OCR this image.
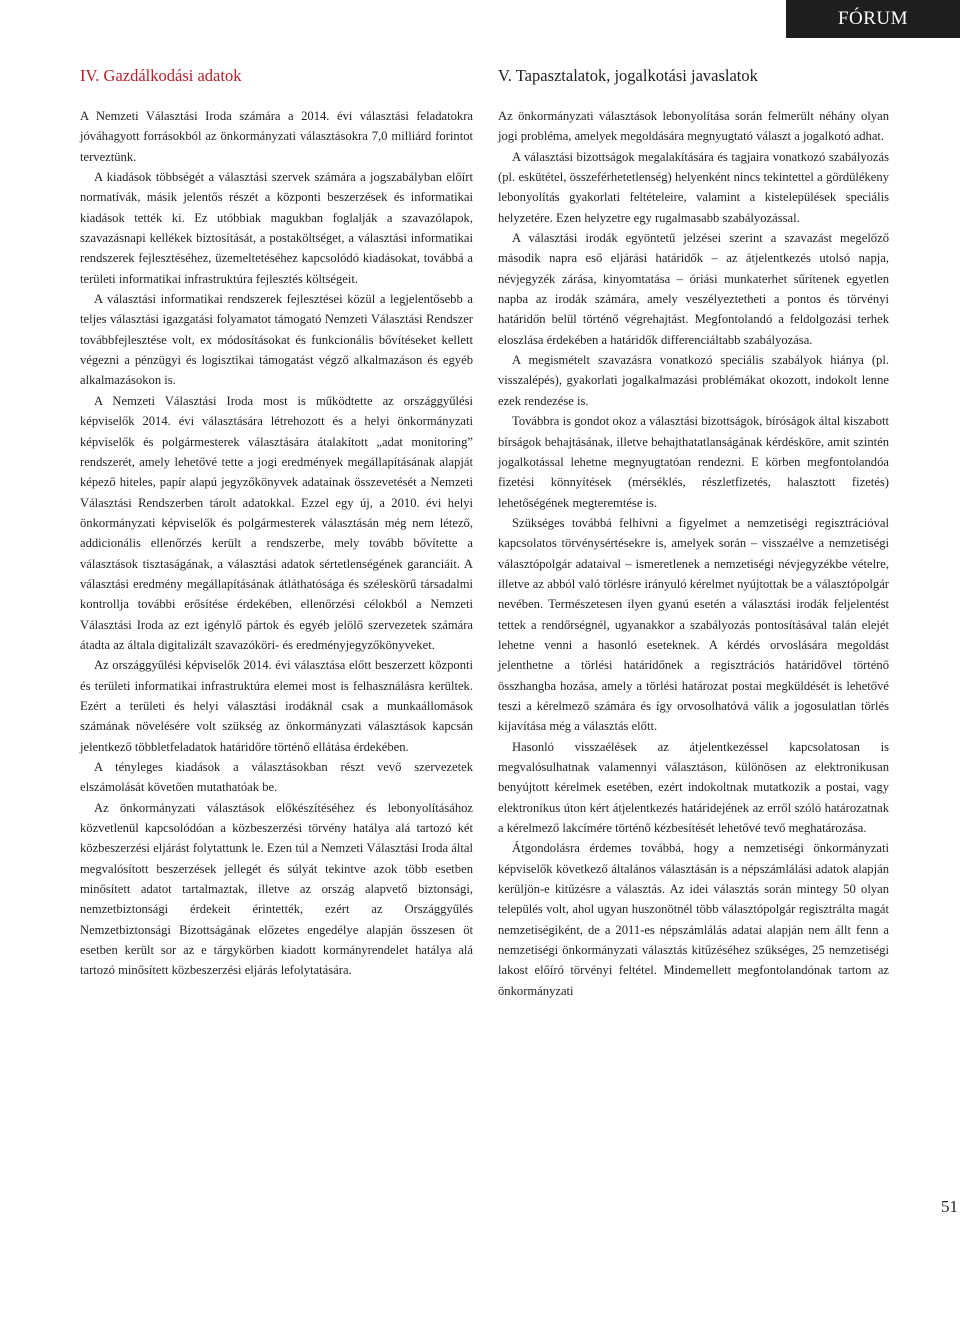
FÓRUM
IV. Gazdálkodási adatok

A Nemzeti Választási Iroda számára a 2014. évi választási feladatokra jóváhagyott forrásokból az önkormányzati választásokra 7,0 milliárd forintot terveztünk.

A kiadások többségét a választási szervek számára a jogszabályban előírt normatívák, másik jelentős részét a központi beszerzések és informatikai kiadások tették ki. Ez utóbbiak magukban foglalják a szavazólapok, szavazásnapi kellékek biztosítását, a postaköltséget, a választási informatikai rendszerek fejlesztéséhez, üzemeltetéséhez kapcsolódó kiadásokat, továbbá a területi informatikai infrastruktúra fejlesztés költségeit.

A választási informatikai rendszerek fejlesztései közül a legjelentősebb a teljes választási igazgatási folyamatot támogató Nemzeti Választási Rendszer továbbfejlesztése volt, ex módosításokat és funkcionális bővítéseket kellett végezni a pénzügyi és logisztikai támogatást végző alkalmazáson és egyéb alkalmazásokon is.

A Nemzeti Választási Iroda most is működtette az országgyűlési képviselők 2014. évi választására létrehozott és a helyi önkormányzati képviselők és polgármesterek választására átalakított „adat monitoring” rendszerét, amely lehetővé tette a jogi eredmények megállapításának alapját képező hiteles, papír alapú jegyzőkönyvek adatainak összevetését a Nemzeti Választási Rendszerben tárolt adatokkal. Ezzel egy új, a 2010. évi helyi önkormányzati képviselők és polgármesterek választásán még nem létező, addicionális ellenőrzés került a rendszerbe, mely tovább bővítette a választások tisztaságának, a választási adatok sértetlenségének garanciáit. A választási eredmény megállapításának átláthatósága és széleskörű társadalmi kontrollja további erősítése érdekében, ellenőrzési célokból a Nemzeti Választási Iroda az ezt igénylő pártok és egyéb jelölő szervezetek számára átadta az általa digitalizált szavazóköri- és eredményjegyzőkönyveket.

Az országgyűlési képviselők 2014. évi választása előtt beszerzett központi és területi informatikai infrastruktúra elemei most is felhasználásra kerültek. Ezért a területi és helyi választási irodáknál csak a munkaállomások számának növelésére volt szükség az önkormányzati választások kapcsán jelentkező többletfeladatok határidőre történő ellátása érdekében.

A tényleges kiadások a választásokban részt vevő szervezetek elszámolását követően mutathatóak be.

Az önkormányzati választások előkészítéséhez és lebonyolításához közvetlenül kapcsolódóan a közbeszerzési törvény hatálya alá tartozó két közbeszerzési eljárást folytattunk le. Ezen túl a Nemzeti Választási Iroda által megvalósított beszerzések jellegét és súlyát tekintve azok több esetben minősített adatot tartalmaztak, illetve az ország alapvető biztonsági, nemzetbiztonsági érdekeit érintették, ezért az Országgyűlés Nemzetbiztonsági Bizottságának előzetes engedélye alapján összesen öt esetben került sor az e tárgykörben kiadott kormányrendelet hatálya alá tartozó minősített közbeszerzési eljárás lefolytatására.

V. Tapasztalatok, jogalkotási javaslatok

Az önkormányzati választások lebonyolítása során felmerült néhány olyan jogi probléma, amelyek megoldására megnyugtató választ a jogalkotó adhat.

A választási bizottságok megalakítására és tagjaira vonatkozó szabályozás (pl. eskütétel, összeférhetetlenség) helyenként nincs tekintettel a gördülékeny lebonyolítás gyakorlati feltételeire, valamint a kistelepülések speciális helyzetére. Ezen helyzetre egy rugalmasabb szabályozással.

A választási irodák egyöntetű jelzései szerint a szavazást megelőző második napra eső eljárási határidők – az átjelentkezés utolsó napja, névjegyzék zárása, kinyomtatása – óriási munkaterhet sűrítenek egyetlen napba az irodák számára, amely veszélyeztetheti a pontos és törvényi határidőn belül történő végrehajtást. Megfontolandó a feldolgozási terhek eloszlása érdekében a határidők differenciáltabb szabályozása.

A megismételt szavazásra vonatkozó speciális szabályok hiánya (pl. visszalépés), gyakorlati jogalkalmazási problémákat okozott, indokolt lenne ezek rendezése is.

Továbbra is gondot okoz a választási bizottságok, bíróságok által kiszabott bírságok behajtásának, illetve behajthatatlanságának kérdésköre, amit szintén jogalkotással lehetne megnyugtatóan rendezni. E körben megfontolandóa fizetési könnyítések (mérséklés, részletfizetés, halasztott fizetés) lehetőségének megteremtése is.

Szükséges továbbá felhívni a figyelmet a nemzetiségi regisztrációval kapcsolatos törvénysértésekre is, amelyek során – visszaélve a nemzetiségi választópolgár adataival – ismeretlenek a nemzetiségi névjegyzékbe vételre, illetve az abból való törlésre irányuló kérelmet nyújtottak be a választópolgár nevében. Természetesen ilyen gyanú esetén a választási irodák feljelentést tettek a rendőrségnél, ugyanakkor a szabályozás pontosításával talán elejét lehetne venni a hasonló eseteknek. A kérdés orvoslására megoldást jelenthetne a törlési határidőnek a regisztrációs határidővel történő összhangba hozása, amely a törlési határozat postai megküldését is lehetővé teszi a kérelmező számára és így orvosolhatóvá válik a jogosulatlan törlés kijavítása még a választás előtt.

Hasonló visszaélések az átjelentkezéssel kapcsolatosan is megvalósulhatnak valamennyi választáson, különösen az elektronikusan benyújtott kérelmek esetében, ezért indokoltnak mutatkozik a postai, vagy elektronikus úton kért átjelentkezés határidejének az erről szóló határozatnak a kérelmező lakcímére történő kézbesítését lehetővé tevő meghatározása.

Átgondolásra érdemes továbbá, hogy a nemzetiségi önkormányzati képviselők következő általános választásán is a népszámlálási adatok alapján kerüljön-e kitűzésre a választás. Az idei választás során mintegy 50 olyan település volt, ahol ugyan huszonötnél több választópolgár regisztrálta magát nemzetiségiként, de a 2011-es népszámlálás adatai alapján nem állt fenn a nemzetiségi önkormányzati választás kitűzéséhez szükséges, 25 nemzetiségi lakost előíró törvényi feltétel. Mindemellett megfontolandónak tartom az önkormányzati

51
